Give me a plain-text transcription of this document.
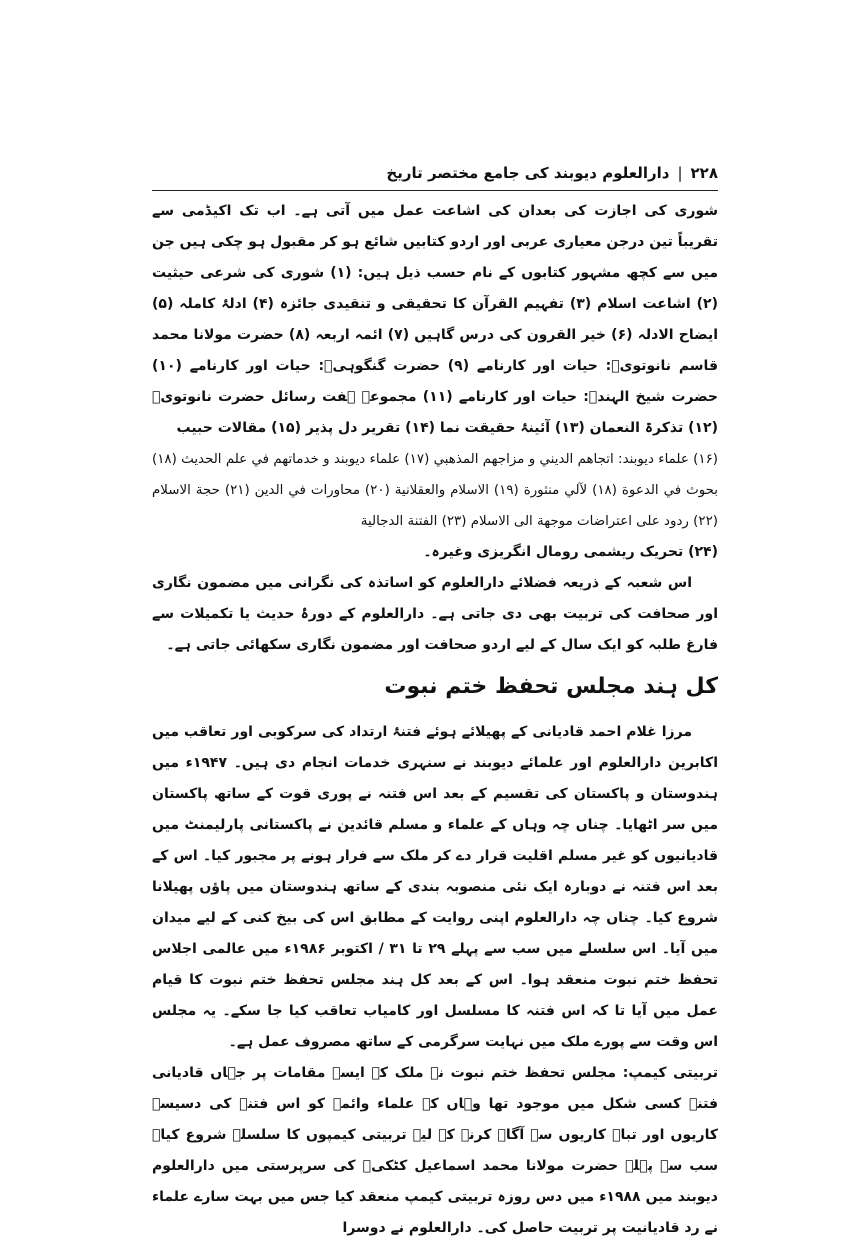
۲۲۸
|
دارالعلوم دیوبند کی جامع مختصر تاریخ

شوری کی اجازت کی بعدان کی اشاعت عمل میں آتی ہے۔ اب تک اکیڈمی سے تقریباً تین درجن معیاری عربی اور اردو کتابیں شائع ہو کر مقبول ہو چکی ہیں جن میں سے کچھ مشہور کتابوں کے نام حسب ذیل ہیں: (۱) شوری کی شرعی حیثیت (۲) اشاعت اسلام (۳) تفہیم القرآن کا تحقیقی و تنقیدی جائزہ (۴) ادلۂ کاملہ (۵) ایضاح الادلہ (۶) خیر القرون کی درس گاہیں (۷) ائمہ اربعہ (۸) حضرت مولانا محمد قاسم نانوتویؒ: حیات اور کارنامے (۹) حضرت گنگوہیؒ: حیات اور کارنامے (۱۰) حضرت شیخ الہندؒ: حیات اور کارنامے (۱۱) مجموعۂ ہفت رسائل حضرت نانوتویؒ (۱۲) تذکرۃ النعمان (۱۳) آئینۂ حقیقت نما (۱۴) تقریر دل پذیر (۱۵) مقالات حبیب

(۱۶) علماء ديوبند: اتجاهم الديني و مزاجهم المذهبي (۱۷) علماء ديوبند و خدماتهم في علم الحديث (۱۸) بحوث في الدعوة (۱۸) لآلي منثورة (۱۹) الاسلام والعقلانية (۲۰) محاورات في الدين (۲۱) حجة الاسلام (۲۲) ردود على اعتراضات موجهة الى الاسلام (۲۳) الفتنة الدجالية

(۲۴) تحریک ریشمی رومال انگریزی وغیرہ۔

اس شعبہ کے ذریعہ فضلائے دارالعلوم کو اساتذہ کی نگرانی میں مضمون نگاری اور صحافت کی تربیت بھی دی جاتی ہے۔ دارالعلوم کے دورۂ حدیث یا تکمیلات سے فارغ طلبہ کو ایک سال کے لیے اردو صحافت اور مضمون نگاری سکھائی جاتی ہے۔

کل ہند مجلس تحفظ ختم نبوت

مرزا غلام احمد قادیانی کے پھیلائے ہوئے فتنۂ ارتداد کی سرکوبی اور تعاقب میں اکابرین دارالعلوم اور علمائے دیوبند نے سنہری خدمات انجام دی ہیں۔ ۱۹۴۷ء میں ہندوستان و پاکستان کی تقسیم کے بعد اس فتنہ نے پوری قوت کے ساتھ پاکستان میں سر اٹھایا۔ چناں چہ وہاں کے علماء و مسلم قائدین نے پاکستانی پارلیمنٹ میں قادیانیوں کو غیر مسلم اقلیت قرار دے کر ملک سے فرار ہونے پر مجبور کیا۔ اس کے بعد اس فتنہ نے دوبارہ ایک نئی منصوبہ بندی کے ساتھ ہندوستان میں پاؤں پھیلانا شروع کیا۔ چناں چہ دارالعلوم اپنی روایت کے مطابق اس کی بیخ کنی کے لیے میدان میں آیا۔ اس سلسلے میں سب سے پہلے ۲۹ تا ۳۱ / اکتوبر ۱۹۸۶ء میں عالمی اجلاس تحفظ ختم نبوت منعقد ہوا۔ اس کے بعد کل ہند مجلس تحفظ ختم نبوت کا قیام عمل میں آیا تا کہ اس فتنہ کا مسلسل اور کامیاب تعاقب کیا جا سکے۔ یہ مجلس اس وقت سے پورے ملک میں نہایت سرگرمی کے ساتھ مصروف عمل ہے۔

تربیتی کیمپ: مجلس تحفظ ختم نبوت نے ملک کے ایسے مقامات پر جہاں قادیانی فتنہ کسی شکل میں موجود تھا وہاں کے علماء وائمہ کو اس فتنہ کی دسیسہ کاریوں اور تباہ کاریوں سے آگاہ کرنے کے لیے تربیتی کیمپوں کا سلسلہ شروع کیا۔ سب سے پہلے حضرت مولانا محمد اسماعیل کٹکیؒ کی سرپرستی میں دارالعلوم دیوبند میں ۱۹۸۸ء میں دس روزہ تربیتی کیمپ منعقد کیا جس میں بہت سارے علماء نے رد قادیانیت پر تربیت حاصل کی۔ دارالعلوم نے دوسرا
